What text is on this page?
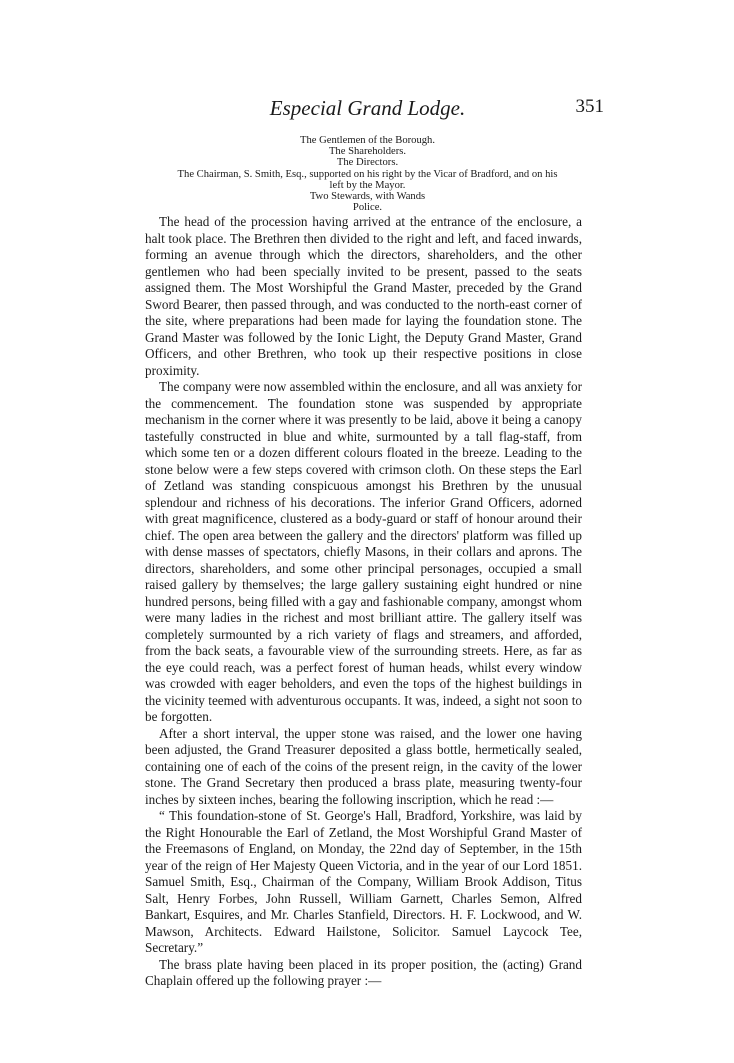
Especial Grand Lodge.	351
The Gentlemen of the Borough.
The Shareholders.
The Directors.
The Chairman, S. Smith, Esq., supported on his right by the Vicar of Bradford, and on his
left by the Mayor.
Two Stewards, with Wands
Police.

The head of the procession having arrived at the entrance of the enclosure, a halt took place. The Brethren then divided to the right and left, and faced inwards, forming an avenue through which the directors, shareholders, and the other gentlemen who had been specially invited to be present, passed to the seats assigned them. The Most Worshipful the Grand Master, preceded by the Grand Sword Bearer, then passed through, and was conducted to the north-east corner of the site, where preparations had been made for laying the foundation stone. The Grand Master was followed by the Ionic Light, the Deputy Grand Master, Grand Officers, and other Brethren, who took up their respective positions in close proximity.

The company were now assembled within the enclosure, and all was anxiety for the commencement. The foundation stone was suspended by appropriate mechanism in the corner where it was presently to be laid, above it being a canopy tastefully constructed in blue and white, surmounted by a tall flag-staff, from which some ten or a dozen different colours floated in the breeze. Leading to the stone below were a few steps covered with crimson cloth. On these steps the Earl of Zetland was standing conspicuous amongst his Brethren by the unusual splendour and richness of his decorations. The inferior Grand Officers, adorned with great magnificence, clustered as a body-guard or staff of honour around their chief. The open area between the gallery and the directors' platform was filled up with dense masses of spectators, chiefly Masons, in their collars and aprons. The directors, shareholders, and some other principal personages, occupied a small raised gallery by themselves; the large gallery sustaining eight hundred or nine hundred persons, being filled with a gay and fashionable company, amongst whom were many ladies in the richest and most brilliant attire. The gallery itself was completely surmounted by a rich variety of flags and streamers, and afforded, from the back seats, a favourable view of the surrounding streets. Here, as far as the eye could reach, was a perfect forest of human heads, whilst every window was crowded with eager beholders, and even the tops of the highest buildings in the vicinity teemed with adventurous occupants. It was, indeed, a sight not soon to be forgotten.

After a short interval, the upper stone was raised, and the lower one having been adjusted, the Grand Treasurer deposited a glass bottle, hermetically sealed, containing one of each of the coins of the present reign, in the cavity of the lower stone. The Grand Secretary then produced a brass plate, measuring twenty-four inches by sixteen inches, bearing the following inscription, which he read :—

“ This foundation-stone of St. George's Hall, Bradford, Yorkshire, was laid by the Right Honourable the Earl of Zetland, the Most Worshipful Grand Master of the Freemasons of England, on Monday, the 22nd day of September, in the 15th year of the reign of Her Majesty Queen Victoria, and in the year of our Lord 1851. Samuel Smith, Esq., Chairman of the Company, William Brook Addison, Titus Salt, Henry Forbes, John Russell, William Garnett, Charles Semon, Alfred Bankart, Esquires, and Mr. Charles Stanfield, Directors. H. F. Lockwood, and W. Mawson, Architects. Edward Hailstone, Solicitor. Samuel Laycock Tee, Secretary.”

The brass plate having been placed in its proper position, the (acting) Grand Chaplain offered up the following prayer :—
